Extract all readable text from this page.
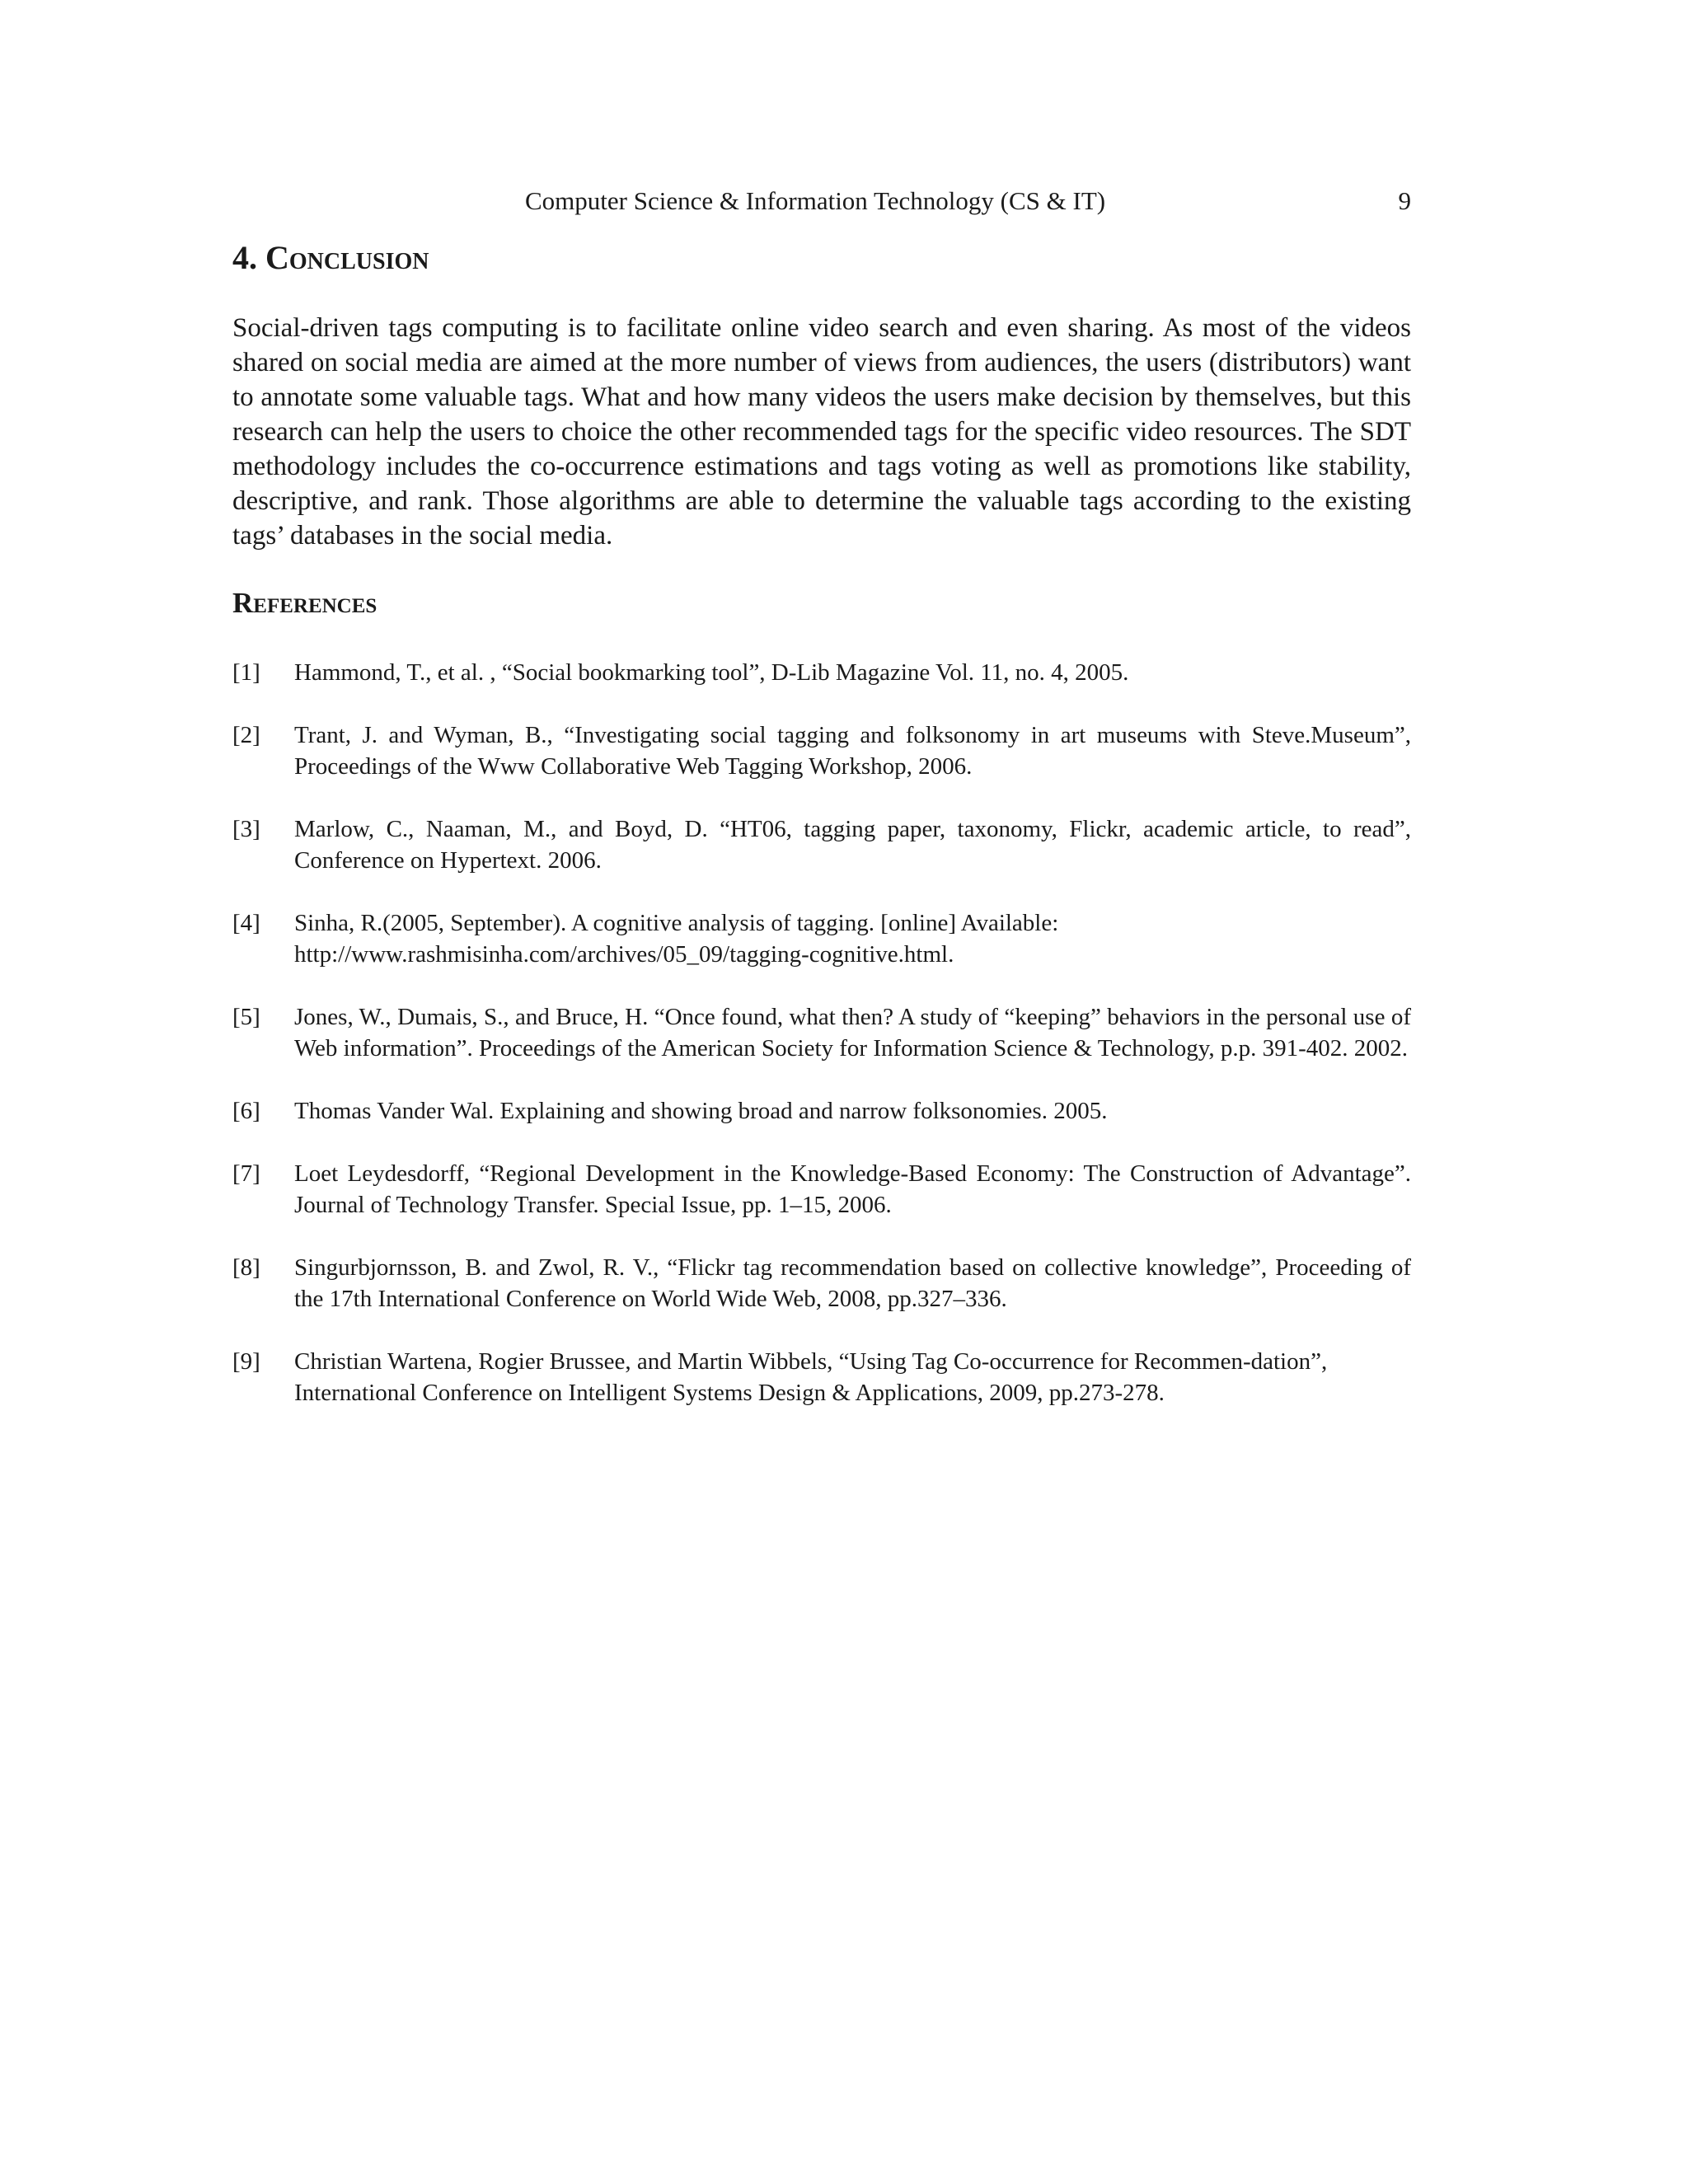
Computer Science & Information Technology (CS & IT)	9
4. Conclusion

Social-driven tags computing is to facilitate online video search and even sharing. As most of the videos shared on social media are aimed at the more number of views from audiences, the users (distributors) want to annotate some valuable tags. What and how many videos the users make decision by themselves, but this research can help the users to choice the other recommended tags for the specific video resources. The SDT methodology includes the co-occurrence estimations and tags voting as well as promotions like stability, descriptive, and rank. Those algorithms are able to determine the valuable tags according to the existing tags’ databases in the social media.

References
[1] Hammond, T., et al. , “Social bookmarking tool”, D-Lib Magazine Vol. 11, no. 4, 2005.
[2] Trant, J. and Wyman, B., “Investigating social tagging and folksonomy in art museums with Steve.Museum”, Proceedings of the Www Collaborative Web Tagging Workshop, 2006.
[3] Marlow, C., Naaman, M., and Boyd, D. “HT06, tagging paper, taxonomy, Flickr, academic article, to read”, Conference on Hypertext. 2006.
[4] Sinha, R.(2005, September). A cognitive analysis of tagging. [online] Available:
http://www.rashmisinha.com/archives/05_09/tagging-cognitive.html.
[5] Jones, W., Dumais, S., and Bruce, H. “Once found, what then? A study of “keeping” behaviors in the personal use of Web information”. Proceedings of the American Society for Information Science & Technology, p.p. 391-402. 2002.
[6] Thomas Vander Wal. Explaining and showing broad and narrow folksonomies. 2005.
[7] Loet Leydesdorff, “Regional Development in the Knowledge-Based Economy: The Construction of Advantage”. Journal of Technology Transfer. Special Issue, pp. 1–15, 2006.
[8] Singurbjornsson, B. and Zwol, R. V., “Flickr tag recommendation based on collective knowledge”, Proceeding of the 17th International Conference on World Wide Web, 2008, pp.327–336.
[9] Christian Wartena, Rogier Brussee, and Martin Wibbels, “Using Tag Co-occurrence for Recommen-dation”, International Conference on Intelligent Systems Design & Applications, 2009, pp.273-278.
